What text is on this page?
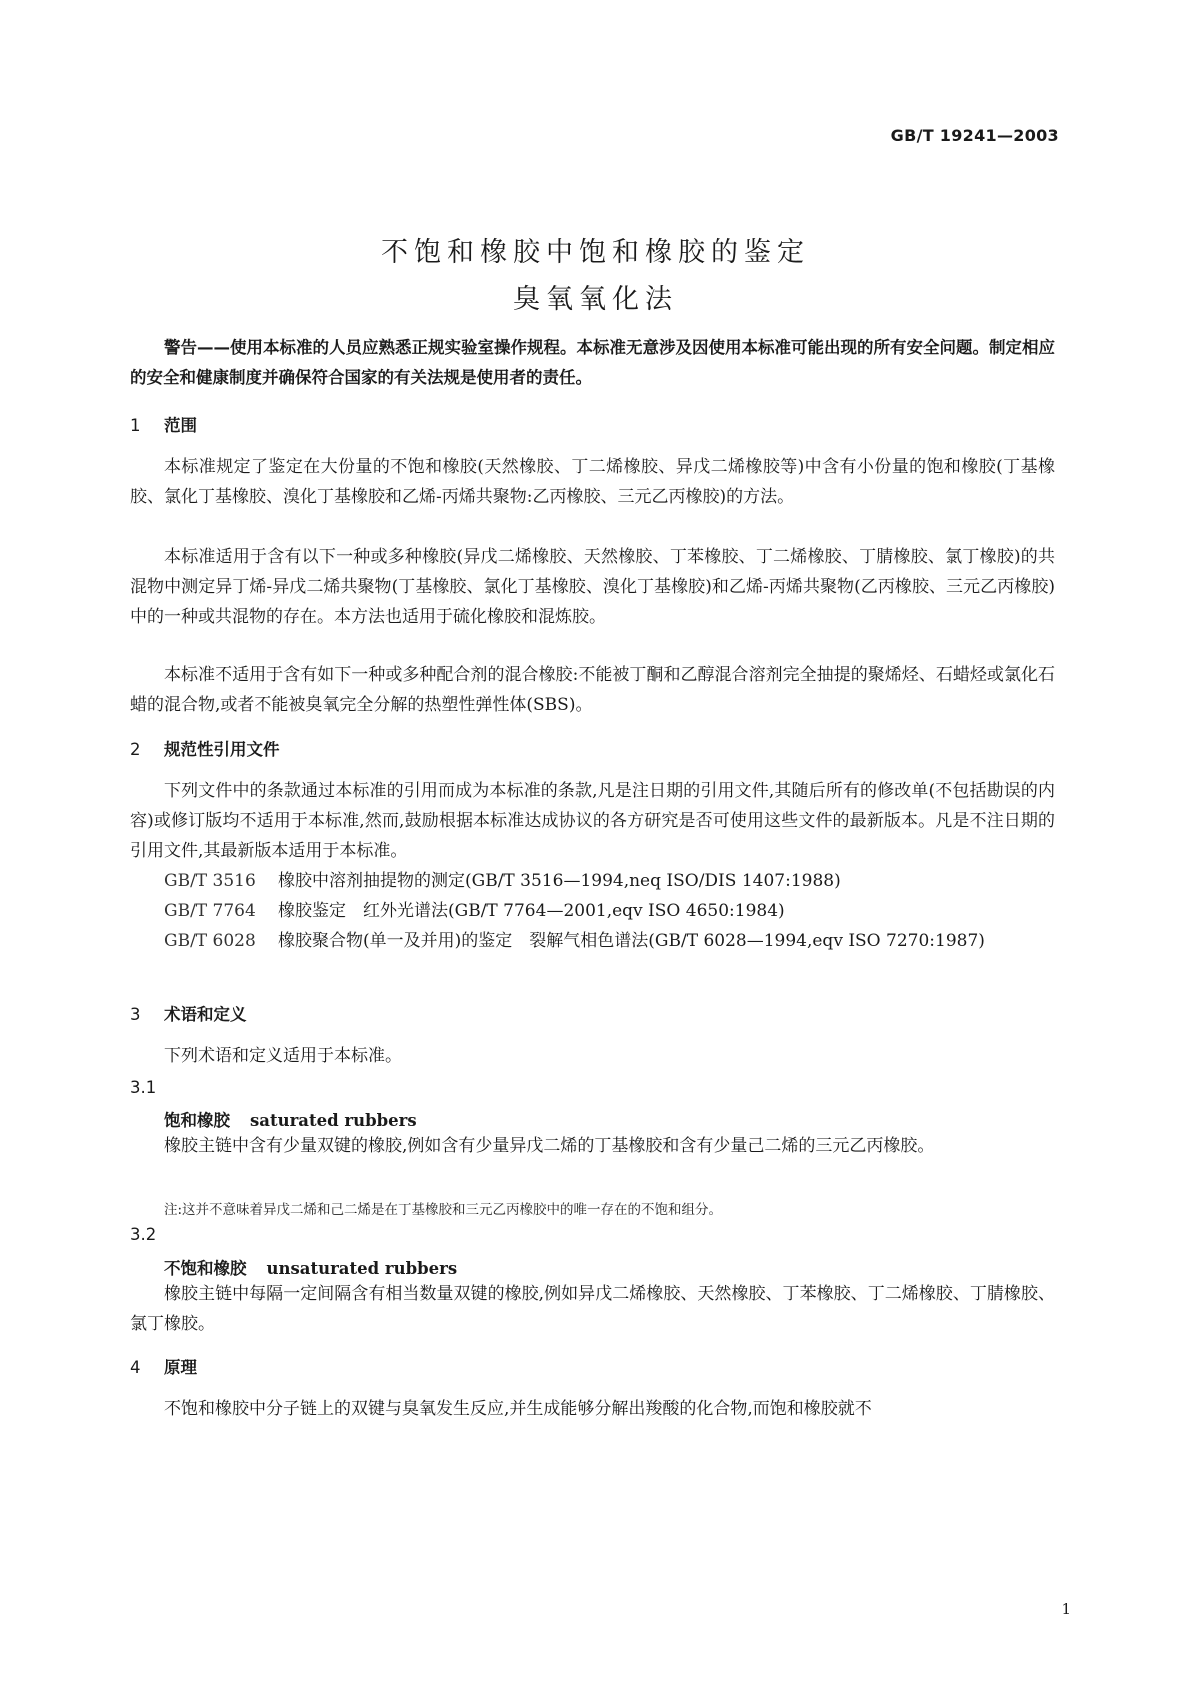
GB/T 19241—2003
不饱和橡胶中饱和橡胶的鉴定
臭氧氧化法
警告——使用本标准的人员应熟悉正规实验室操作规程。本标准无意涉及因使用本标准可能出现的所有安全问题。制定相应的安全和健康制度并确保符合国家的有关法规是使用者的责任。
1 范围
本标准规定了鉴定在大份量的不饱和橡胶(天然橡胶、丁二烯橡胶、异戊二烯橡胶等)中含有小份量的饱和橡胶(丁基橡胶、氯化丁基橡胶、溴化丁基橡胶和乙烯-丙烯共聚物:乙丙橡胶、三元乙丙橡胶)的方法。
本标准适用于含有以下一种或多种橡胶(异戊二烯橡胶、天然橡胶、丁苯橡胶、丁二烯橡胶、丁腈橡胶、氯丁橡胶)的共混物中测定异丁烯-异戊二烯共聚物(丁基橡胶、氯化丁基橡胶、溴化丁基橡胶)和乙烯-丙烯共聚物(乙丙橡胶、三元乙丙橡胶)中的一种或共混物的存在。本方法也适用于硫化橡胶和混炼胶。
本标准不适用于含有如下一种或多种配合剂的混合橡胶:不能被丁酮和乙醇混合溶剂完全抽提的聚烯烃、石蜡烃或氯化石蜡的混合物,或者不能被臭氧完全分解的热塑性弹性体(SBS)。
2 规范性引用文件
下列文件中的条款通过本标准的引用而成为本标准的条款,凡是注日期的引用文件,其随后所有的修改单(不包括勘误的内容)或修订版均不适用于本标准,然而,鼓励根据本标准达成协议的各方研究是否可使用这些文件的最新版本。凡是不注日期的引用文件,其最新版本适用于本标准。
GB/T 3516	橡胶中溶剂抽提物的测定(GB/T 3516—1994,neq ISO/DIS 1407:1988)
GB/T 7764	橡胶鉴定　红外光谱法(GB/T 7764—2001,eqv ISO 4650:1984)
GB/T 6028	橡胶聚合物(单一及并用)的鉴定　裂解气相色谱法(GB/T 6028—1994,eqv ISO 7270:1987)
3 术语和定义
下列术语和定义适用于本标准。
3.1
饱和橡胶 saturated rubbers
橡胶主链中含有少量双键的橡胶,例如含有少量异戊二烯的丁基橡胶和含有少量己二烯的三元乙丙橡胶。
注:这并不意味着异戊二烯和己二烯是在丁基橡胶和三元乙丙橡胶中的唯一存在的不饱和组分。
3.2
不饱和橡胶 unsaturated rubbers
橡胶主链中每隔一定间隔含有相当数量双键的橡胶,例如异戊二烯橡胶、天然橡胶、丁苯橡胶、丁二烯橡胶、丁腈橡胶、氯丁橡胶。
4 原理
不饱和橡胶中分子链上的双键与臭氧发生反应,并生成能够分解出羧酸的化合物,而饱和橡胶就不
1
